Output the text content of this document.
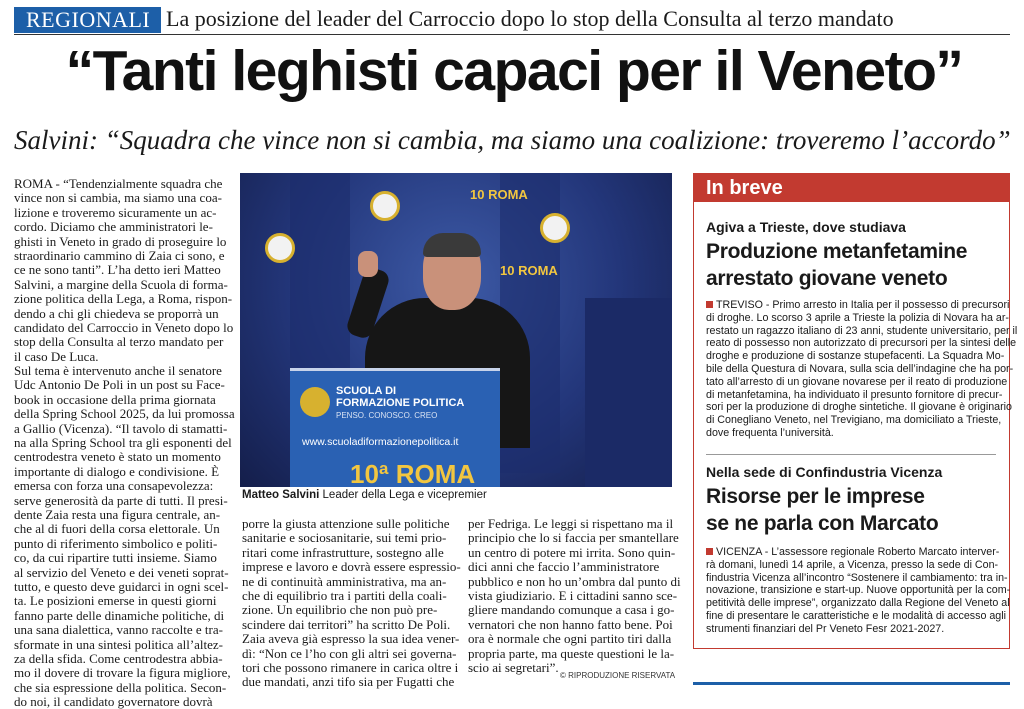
REGIONALI La posizione del leader del Carroccio dopo lo stop della Consulta al terzo mandato
“Tanti leghisti capaci per il Veneto”
Salvini: “Squadra che vince non si cambia, ma siamo una coalizione: troveremo l’accordo”
ROMA - “Tendenzialmente squadra che
vince non si cambia, ma siamo una coa-
lizione e troveremo sicuramente un ac-
cordo. Diciamo che amministratori le-
ghisti in Veneto in grado di proseguire lo
straordinario cammino di Zaia ci sono, e
ce ne sono tanti”. L’ha detto ieri Matteo
Salvini, a margine della Scuola di forma-
zione politica della Lega, a Roma, rispon-
dendo a chi gli chiedeva se proporrà un
candidato del Carroccio in Veneto dopo lo
stop della Consulta al terzo mandato per
il caso De Luca.
Sul tema è intervenuto anche il senatore
Udc Antonio De Poli in un post su Face-
book in occasione della prima giornata
della Spring School 2025, da lui promossa
a Gallio (Vicenza). “Il tavolo di stamatti-
na alla Spring School tra gli esponenti del
centrodestra veneto è stato un momento
importante di dialogo e condivisione. È
emersa con forza una consapevolezza:
serve generosità da parte di tutti. Il presi-
dente Zaia resta una figura centrale, an-
che al di fuori della corsa elettorale. Un
punto di riferimento simbolico e politi-
co, da cui ripartire tutti insieme. Siamo
al servizio del Veneto e dei veneti soprat-
tutto, e questo deve guidarci in ogni scel-
ta. Le posizioni emerse in questi giorni
fanno parte delle dinamiche politiche, di
una sana dialettica, vanno raccolte e tra-
sformate in una sintesi politica all’altez-
za della sfida. Come centrodestra abbia-
mo il dovere di trovare la figura migliore,
che sia espressione della politica. Secon-
do noi, il candidato governatore dovrà
10 ROMA
10 ROMA
SCUOLA DI
FORMAZIONE POLITICA
PENSO. CONOSCO. CREO
www.scuoladiformazionepolitica.it
10ª ROMA
Matteo Salvini Leader della Lega e vicepremier
porre la giusta attenzione sulle politiche
sanitarie e sociosanitarie, sui temi prio-
ritari come infrastrutture, sostegno alle
imprese e lavoro e dovrà essere espressio-
ne di continuità amministrativa, ma an-
che di equilibrio tra i partiti della coali-
zione. Un equilibrio che non può pre-
scindere dai territori” ha scritto De Poli.
Zaia aveva già espresso la sua idea vener-
dì: “Non ce l’ho con gli altri sei governa-
tori che possono rimanere in carica oltre i
due mandati, anzi tifo sia per Fugatti che
per Fedriga. Le leggi si rispettano ma il
principio che lo si faccia per smantellare
un centro di potere mi irrita. Sono quin-
dici anni che faccio l’amministratore
pubblico e non ho un’ombra dal punto di
vista giudiziario. E i cittadini sanno sce-
gliere mandando comunque a casa i go-
vernatori che non hanno fatto bene. Poi
ora è normale che ogni partito tiri dalla
propria parte, ma queste questioni le la-
scio ai segretari”.
© RIPRODUZIONE RISERVATA
In breve
Agiva a Trieste, dove studiava
Produzione metanfetamine
arrestato giovane veneto
TREVISO - Primo arresto in Italia per il possesso di precursori
di droghe. Lo scorso 3 aprile a Trieste la polizia di Novara ha ar-
restato un ragazzo italiano di 23 anni, studente universitario, per il
reato di possesso non autorizzato di precursori per la sintesi delle
droghe e produzione di sostanze stupefacenti. La Squadra Mo-
bile della Questura di Novara, sulla scia dell’indagine che ha por-
tato all’arresto di un giovane novarese per il reato di produzione
di metanfetamina, ha individuato il presunto fornitore di precur-
sori per la produzione di droghe sintetiche. Il giovane è originario
di Conegliano Veneto, nel Trevigiano, ma domiciliato a Trieste,
dove frequenta l’università.
Nella sede di Confindustria Vicenza
Risorse per le imprese
se ne parla con Marcato
VICENZA - L’assessore regionale Roberto Marcato interver-
rà domani, lunedì 14 aprile, a Vicenza, presso la sede di Con-
findustria Vicenza all’incontro “Sostenere il cambiamento: tra in-
novazione, transizione e start-up. Nuove opportunità per la com-
petitività delle imprese”, organizzato dalla Regione del Veneto al
fine di presentare le caratteristiche e le modalità di accesso agli
strumenti finanziari del Pr Veneto Fesr 2021-2027.
